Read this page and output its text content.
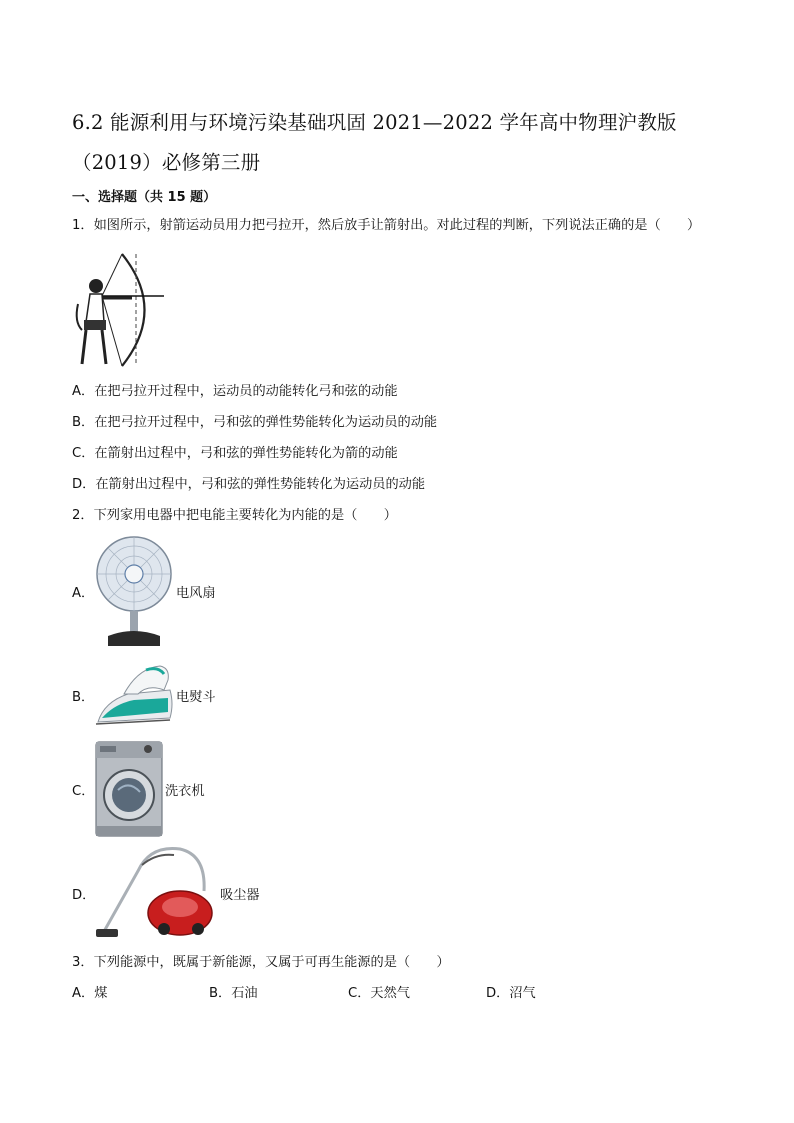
6.2 能源利用与环境污染基础巩固 2021—2022 学年高中物理沪教版（2019）必修第三册
一、选择题（共 15 题）
1．如图所示，射箭运动员用力把弓拉开，然后放手让箭射出。对此过程的判断，下列说法正确的是（　　）
A．在把弓拉开过程中，运动员的动能转化弓和弦的动能
B．在把弓拉开过程中，弓和弦的弹性势能转化为运动员的动能
C．在箭射出过程中，弓和弦的弹性势能转化为箭的动能
D．在箭射出过程中，弓和弦的弹性势能转化为运动员的动能
2．下列家用电器中把电能主要转化为内能的是（　　）
A．	电风扇
B．	电熨斗
C．	洗衣机
D．	吸尘器
3．下列能源中，既属于新能源，又属于可再生能源的是（　　）
A．煤	B．石油	C．天然气	D．沼气
